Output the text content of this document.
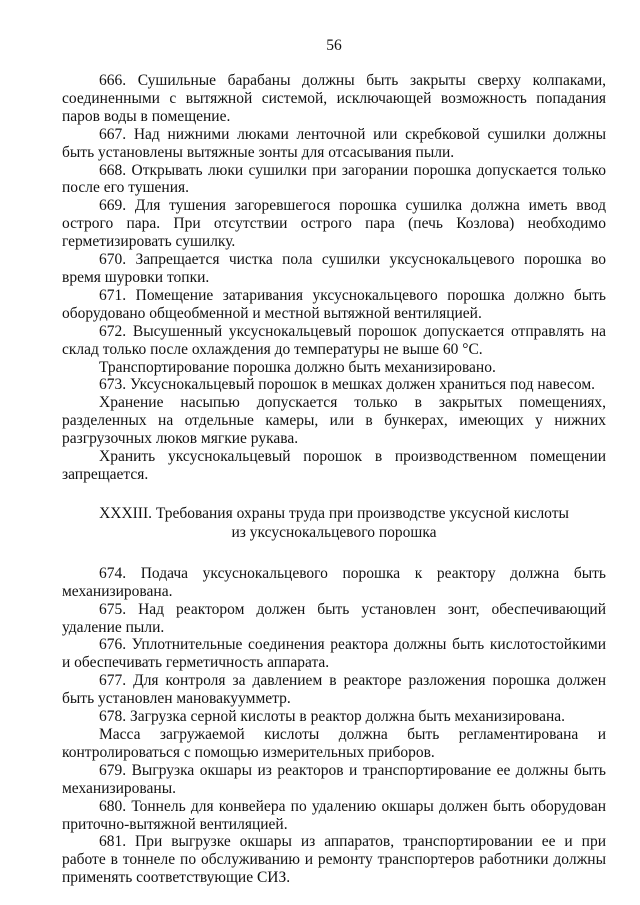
56

666. Сушильные барабаны должны быть закрыты сверху колпаками, соединенными с вытяжной системой, исключающей возможность попадания паров воды в помещение.

667. Над нижними люками ленточной или скребковой сушилки должны быть установлены вытяжные зонты для отсасывания пыли.

668. Открывать люки сушилки при загорании порошка допускается только после его тушения.

669. Для тушения загоревшегося порошка сушилка должна иметь ввод острого пара. При отсутствии острого пара (печь Козлова) необходимо герметизировать сушилку.

670. Запрещается чистка пола сушилки уксуснокальцевого порошка во время шуровки топки.

671. Помещение затаривания уксуснокальцевого порошка должно быть оборудовано общеобменной и местной вытяжной вентиляцией.

672. Высушенный уксуснокальцевый порошок допускается отправлять на склад только после охлаждения до температуры не выше 60 °С.

Транспортирование порошка должно быть механизировано.

673. Уксуснокальцевый порошок в мешках должен храниться под навесом.

Хранение насыпью допускается только в закрытых помещениях, разделенных на отдельные камеры, или в бункерах, имеющих у нижних разгрузочных люков мягкие рукава.

Хранить уксуснокальцевый порошок в производственном помещении запрещается.

XXXIII. Требования охраны труда при производстве уксусной кислоты
из уксуснокальцевого порошка

674. Подача уксуснокальцевого порошка к реактору должна быть механизирована.

675. Над реактором должен быть установлен зонт, обеспечивающий удаление пыли.

676. Уплотнительные соединения реактора должны быть кислотостойкими и обеспечивать герметичность аппарата.

677. Для контроля за давлением в реакторе разложения порошка должен быть установлен мановакуумметр.

678. Загрузка серной кислоты в реактор должна быть механизирована.

Масса загружаемой кислоты должна быть регламентирована и контролироваться с помощью измерительных приборов.

679. Выгрузка окшары из реакторов и транспортирование ее должны быть механизированы.

680. Тоннель для конвейера по удалению окшары должен быть оборудован приточно-вытяжной вентиляцией.

681. При выгрузке окшары из аппаратов, транспортировании ее и при работе в тоннеле по обслуживанию и ремонту транспортеров работники должны применять соответствующие СИЗ.
